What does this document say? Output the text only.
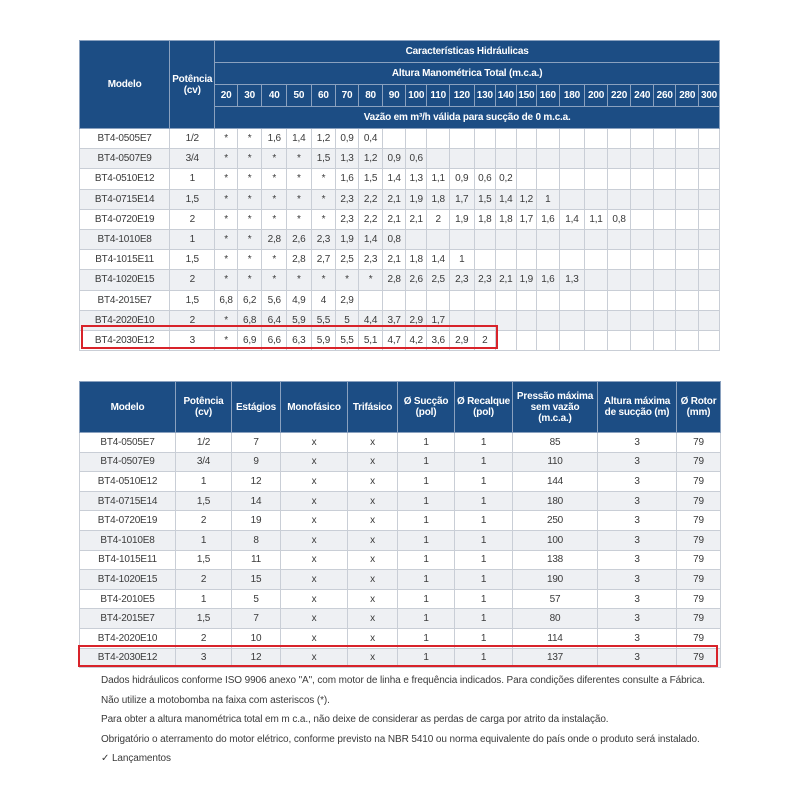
Modelo	Potência (cv)	Características Hidráulicas																					
		Altura Manométrica Total (m.c.a.)																					
		20	30	40	50	60	70	80	90	100	110	120	130	140	150	160	180	200	220	240	260	280	300
		Vazão em m³/h válida para sucção de 0 m.c.a.																					
BT4-0505E7	1/2	*	*	1,6	1,4	1,2	0,9	0,4															
BT4-0507E9	3/4	*	*	*	*	1,5	1,3	1,2	0,9	0,6													
BT4-0510E12	1	*	*	*	*	*	1,6	1,5	1,4	1,3	1,1	0,9	0,6	0,2									
BT4-0715E14	1,5	*	*	*	*	*	2,3	2,2	2,1	1,9	1,8	1,7	1,5	1,4	1,2	1							
BT4-0720E19	2	*	*	*	*	*	2,3	2,2	2,1	2,1	2	1,9	1,8	1,8	1,7	1,6	1,4	1,1	0,8				
BT4-1010E8	1	*	*	2,8	2,6	2,3	1,9	1,4	0,8														
BT4-1015E11	1,5	*	*	*	2,8	2,7	2,5	2,3	2,1	1,8	1,4	1											
BT4-1020E15	2	*	*	*	*	*	*	*	2,8	2,6	2,5	2,3	2,3	2,1	1,9	1,6	1,3						
BT4-2015E7	1,5	6,8	6,2	5,6	4,9	4	2,9																
BT4-2020E10	2	*	6,8	6,4	5,9	5,5	5	4,4	3,7	2,9	1,7												
BT4-2030E12	3	*	6,9	6,6	6,3	5,9	5,5	5,1	4,7	4,2	3,6	2,9	2										
Modelo	Potência (cv)	Estágios	Monofásico	Trifásico	Ø Sucção (pol)	Ø Recalque (pol)	Pressão máxima sem vazão (m.c.a.)	Altura máxima de sucção (m)	Ø Rotor (mm)
BT4-0505E7	1/2	7	x	x	1	1	85	3	79
BT4-0507E9	3/4	9	x	x	1	1	110	3	79
BT4-0510E12	1	12	x	x	1	1	144	3	79
BT4-0715E14	1,5	14	x	x	1	1	180	3	79
BT4-0720E19	2	19	x	x	1	1	250	3	79
BT4-1010E8	1	8	x	x	1	1	100	3	79
BT4-1015E11	1,5	11	x	x	1	1	138	3	79
BT4-1020E15	2	15	x	x	1	1	190	3	79
BT4-2010E5	1	5	x	x	1	1	57	3	79
BT4-2015E7	1,5	7	x	x	1	1	80	3	79
BT4-2020E10	2	10	x	x	1	1	114	3	79
BT4-2030E12	3	12	x	x	1	1	137	3	79

Dados hidráulicos conforme ISO 9906 anexo "A", com motor de linha e frequência indicados. Para condições diferentes consulte a Fábrica.

Não utilize a motobomba na faixa com asteriscos (*).

Para obter a altura manométrica total em m c.a., não deixe de considerar as perdas de carga por atrito da instalação.

Obrigatório o aterramento do motor elétrico, conforme previsto na NBR 5410 ou norma equivalente do país onde o produto será instalado.

✓ Lançamentos
